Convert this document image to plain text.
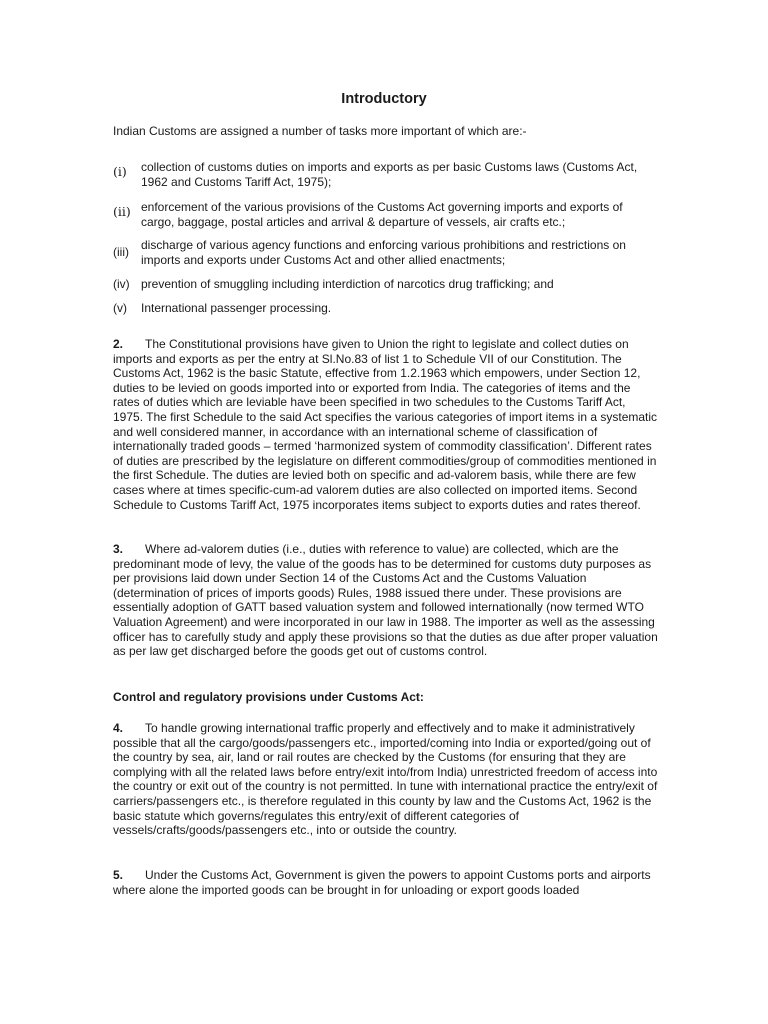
Introductory
Indian Customs are assigned a number of tasks more important of which are:-
(i)	collection of customs duties on imports and exports as per basic Customs laws (Customs Act, 1962 and Customs Tariff Act, 1975);
(ii) enforcement of the various provisions of the Customs Act governing imports and exports of cargo, baggage, postal articles and arrival & departure of vessels, air crafts etc.;
(iii)	discharge of various agency functions and enforcing various prohibitions and restrictions on imports and exports under Customs Act and other allied enactments;
(iv) prevention of smuggling including interdiction of narcotics drug trafficking; and
(v)	International passenger processing.
2. The Constitutional provisions have given to Union the right to legislate and collect duties on imports and exports as per the entry at Sl.No.83 of list 1 to Schedule VII of our Constitution. The Customs Act, 1962 is the basic Statute, effective from 1.2.1963 which empowers, under Section 12, duties to be levied on goods imported into or exported from India. The categories of items and the rates of duties which are leviable have been specified in two schedules to the Customs Tariff Act, 1975. The first Schedule to the said Act specifies the various categories of import items in a systematic and well considered manner, in accordance with an international scheme of classification of internationally traded goods – termed ‘harmonized system of commodity classification’. Different rates of duties are prescribed by the legislature on different commodities/group of commodities mentioned in the first Schedule. The duties are levied both on specific and ad-valorem basis, while there are few cases where at times specific-cum-ad valorem duties are also collected on imported items. Second Schedule to Customs Tariff Act, 1975 incorporates items subject to exports duties and rates thereof.
3. Where ad-valorem duties (i.e., duties with reference to value) are collected, which are the predominant mode of levy, the value of the goods has to be determined for customs duty purposes as per provisions laid down under Section 14 of the Customs Act and the Customs Valuation (determination of prices of imports goods) Rules, 1988 issued there under. These provisions are essentially adoption of GATT based valuation system and followed internationally (now termed WTO Valuation Agreement) and were incorporated in our law in 1988. The importer as well as the assessing officer has to carefully study and apply these provisions so that the duties as due after proper valuation as per law get discharged before the goods get out of customs control.
Control and regulatory provisions under Customs Act:
4. To handle growing international traffic properly and effectively and to make it administratively possible that all the cargo/goods/passengers etc., imported/coming into India or exported/going out of the country by sea, air, land or rail routes are checked by the Customs (for ensuring that they are complying with all the related laws before entry/exit into/from India) unrestricted freedom of access into the country or exit out of the country is not permitted. In tune with international practice the entry/exit of carriers/passengers etc., is therefore regulated in this county by law and the Customs Act, 1962 is the basic statute which governs/regulates this entry/exit of different categories of vessels/crafts/goods/passengers etc., into or outside the country.
5. Under the Customs Act, Government is given the powers to appoint Customs ports and airports where alone the imported goods can be brought in for unloading or export goods loaded
